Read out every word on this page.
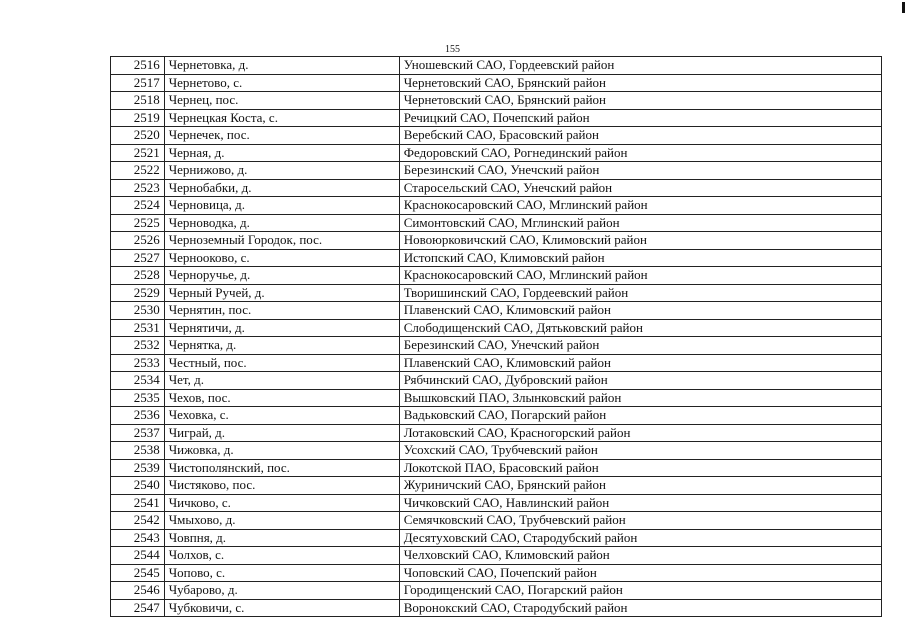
155
2516	Чернетовка, д.	Уношевский САО, Гордеевский район
2517	Чернетово, с.	Чернетовский САО, Брянский район
2518	Чернец, пос.	Чернетовский САО, Брянский район
2519	Чернецкая Коста, с.	Речицкий САО, Почепский район
2520	Чернечек, пос.	Веребский САО, Брасовский район
2521	Черная, д.	Федоровский САО, Рогнединский район
2522	Чернижово, д.	Березинский САО, Унечский район
2523	Чернобабки, д.	Старосельский САО, Унечский район
2524	Черновица, д.	Краснокосаровский САО, Мглинский район
2525	Черноводка, д.	Симонтовский САО, Мглинский район
2526	Черноземный Городок, пос.	Новоюрковичский САО, Климовский район
2527	Чернооково, с.	Истопский САО, Климовский район
2528	Черноручье, д.	Краснокосаровский САО, Мглинский район
2529	Черный Ручей, д.	Творишинский САО, Гордеевский район
2530	Чернятин, пос.	Плавенский САО, Климовский район
2531	Чернятичи, д.	Слободищенский САО, Дятьковский район
2532	Чернятка, д.	Березинский САО, Унечский район
2533	Честный, пос.	Плавенский САО, Климовский район
2534	Чет, д.	Рябчинский САО, Дубровский район
2535	Чехов, пос.	Вышковский ПАО, Злынковский район
2536	Чеховка, с.	Вадьковский САО, Погарский район
2537	Чиграй, д.	Лотаковский САО, Красногорский район
2538	Чижовка, д.	Усохский САО, Трубчевский район
2539	Чистополянский, пос.	Локотской ПАО, Брасовский район
2540	Чистяково, пос.	Журиничский САО, Брянский район
2541	Чичково, с.	Чичковский САО, Навлинский район
2542	Чмыхово, д.	Семячковский САО, Трубчевский район
2543	Човпня, д.	Десятуховский САО, Стародубский район
2544	Чолхов, с.	Челховский САО, Климовский район
2545	Чопово, с.	Чоповский САО, Почепский район
2546	Чубарово, д.	Городищенский САО, Погарский район
2547	Чубковичи, с.	Воронокский САО, Стародубский район
